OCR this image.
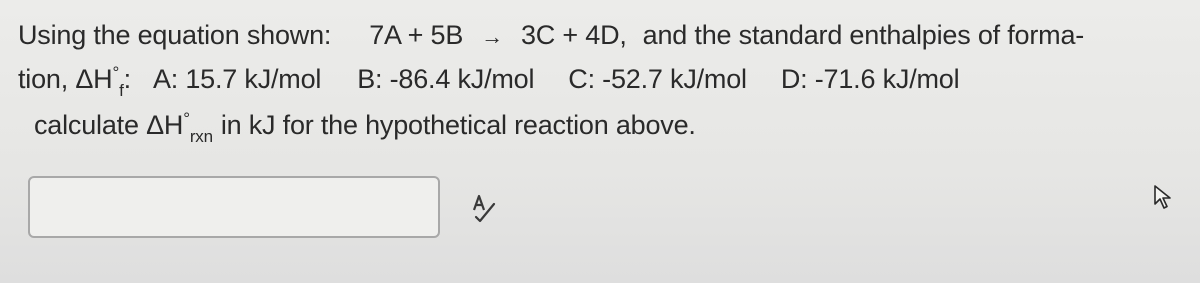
Using the equation shown: 7A + 5B → 3C + 4D, and the standard enthalpies of forma-
tion, $\Delta H^\circ_f$: A: 15.7 kJ/mol B: -86.4 kJ/mol C: -52.7 kJ/mol D: -71.6 kJ/mol
calculate $\Delta H^\circ_{rxn}$ in kJ for the hypothetical reaction above.
